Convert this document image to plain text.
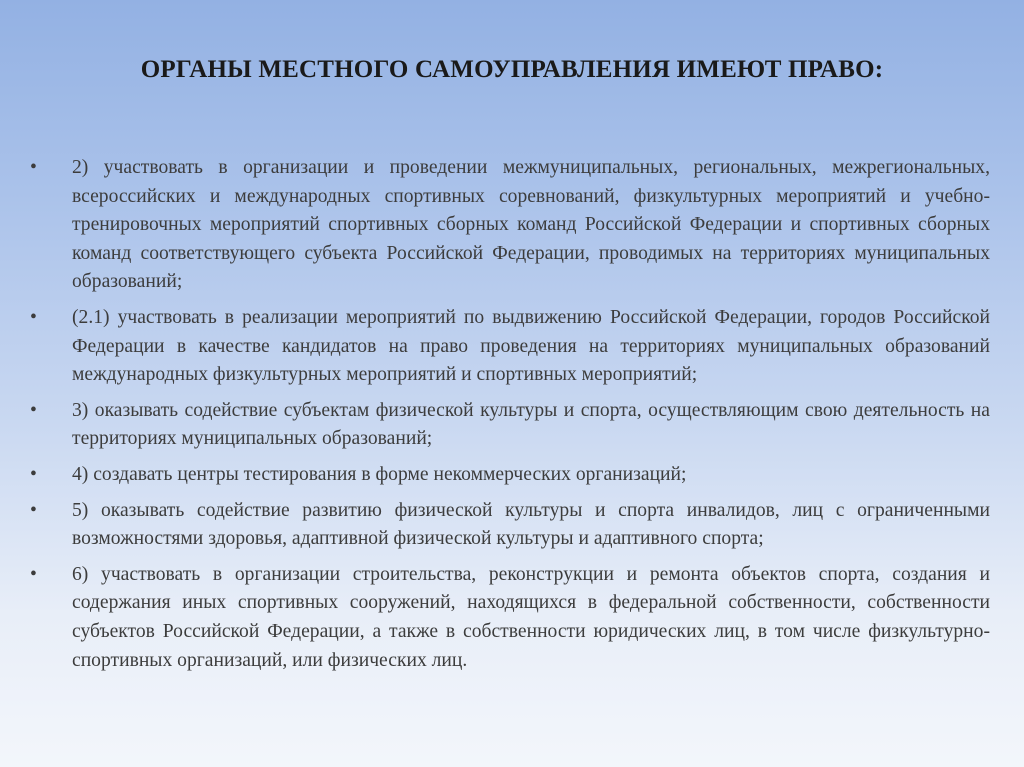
ОРГАНЫ МЕСТНОГО САМОУПРАВЛЕНИЯ ИМЕЮТ ПРАВО:
•	2) участвовать в организации и проведении межмуниципальных, региональных, межрегиональных, всероссийских и международных спортивных соревнований, физкультурных мероприятий и учебно-тренировочных мероприятий спортивных сборных команд Российской Федерации и спортивных сборных команд соответствующего субъекта Российской Федерации, проводимых на территориях муниципальных образований;
•	(2.1) участвовать в реализации мероприятий по выдвижению Российской Федерации, городов Российской Федерации в качестве кандидатов на право проведения на территориях муниципальных образований международных физкультурных мероприятий и спортивных мероприятий;
•	3) оказывать содействие субъектам физической культуры и спорта, осуществляющим свою деятельность на территориях муниципальных образований;
•	4) создавать центры тестирования в форме некоммерческих организаций;
•	5) оказывать содействие развитию физической культуры и спорта инвалидов, лиц с ограниченными возможностями здоровья, адаптивной физической культуры и адаптивного спорта;
•	6) участвовать в организации строительства, реконструкции и ремонта объектов спорта, создания и содержания иных спортивных сооружений, находящихся в федеральной собственности, собственности субъектов Российской Федерации, а также в собственности юридических лиц, в том числе физкультурно-спортивных организаций, или физических лиц.
